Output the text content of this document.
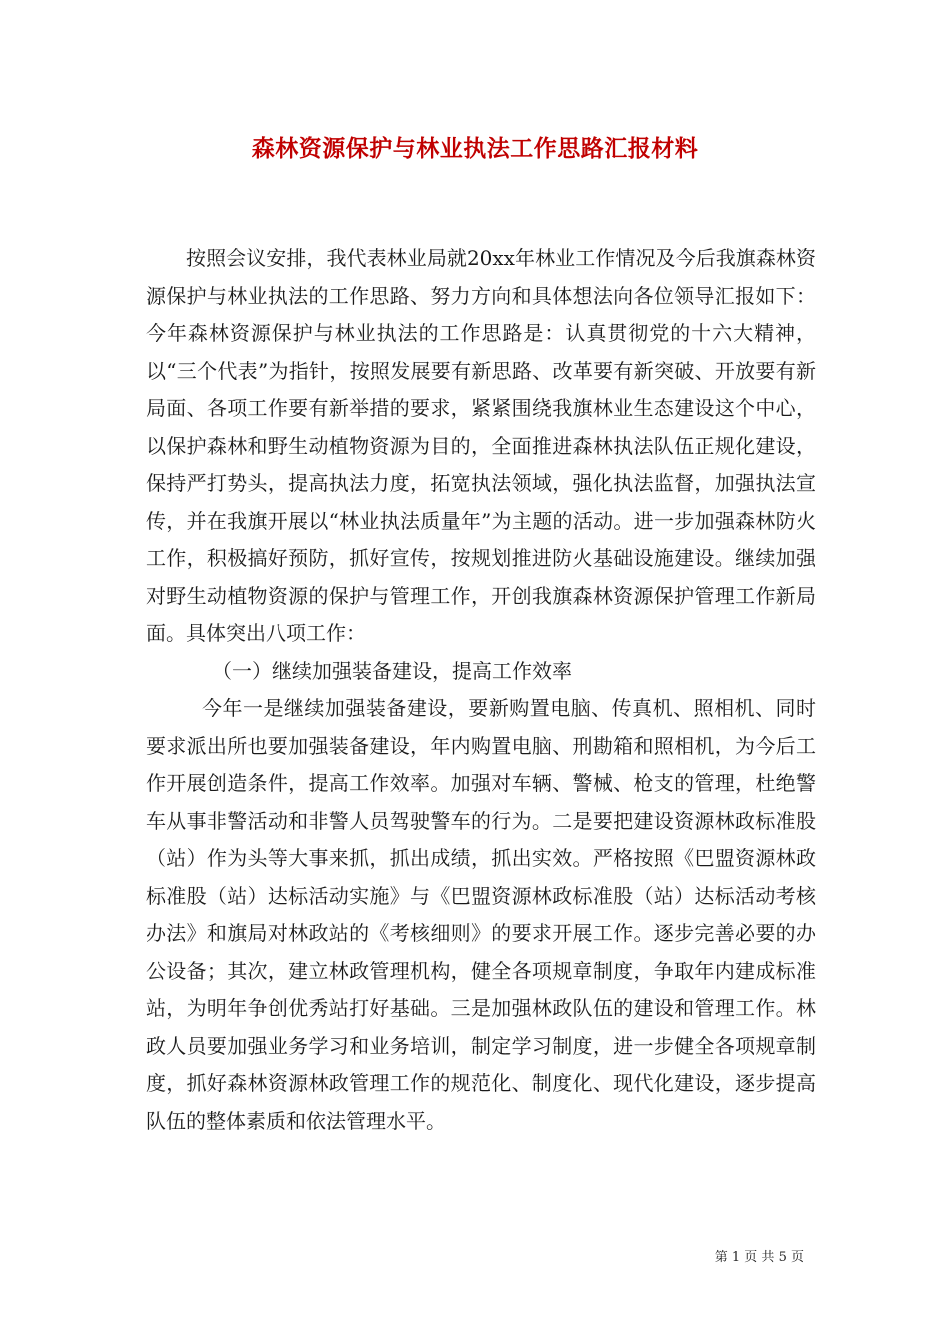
森林资源保护与林业执法工作思路汇报材料

按照会议安排，我代表林业局就20xx年林业工作情况及今后我旗森林资源保护与林业执法的工作思路、努力方向和具体想法向各位领导汇报如下：今年森林资源保护与林业执法的工作思路是：认真贯彻党的十六大精神，以“三个代表”为指针，按照发展要有新思路、改革要有新突破、开放要有新局面、各项工作要有新举措的要求，紧紧围绕我旗林业生态建设这个中心，以保护森林和野生动植物资源为目的，全面推进森林执法队伍正规化建设，保持严打势头，提高执法力度，拓宽执法领域，强化执法监督，加强执法宣传，并在我旗开展以“林业执法质量年”为主题的活动。进一步加强森林防火工作，积极搞好预防，抓好宣传，按规划推进防火基础设施建设。继续加强对野生动植物资源的保护与管理工作，开创我旗森林资源保护管理工作新局面。具体突出八项工作：

（一）继续加强装备建设，提高工作效率

今年一是继续加强装备建设，要新购置电脑、传真机、照相机、同时要求派出所也要加强装备建设，年内购置电脑、刑勘箱和照相机，为今后工作开展创造条件，提高工作效率。加强对车辆、警械、枪支的管理，杜绝警车从事非警活动和非警人员驾驶警车的行为。二是要把建设资源林政标准股（站）作为头等大事来抓，抓出成绩，抓出实效。严格按照《巴盟资源林政标准股（站）达标活动实施》与《巴盟资源林政标准股（站）达标活动考核办法》和旗局对林政站的《考核细则》的要求开展工作。逐步完善必要的办公设备；其次，建立林政管理机构，健全各项规章制度，争取年内建成标准站，为明年争创优秀站打好基础。三是加强林政队伍的建设和管理工作。林政人员要加强业务学习和业务培训，制定学习制度，进一步健全各项规章制度，抓好森林资源林政管理工作的规范化、制度化、现代化建设，逐步提高队伍的整体素质和依法管理水平。

第 1 页 共 5 页
